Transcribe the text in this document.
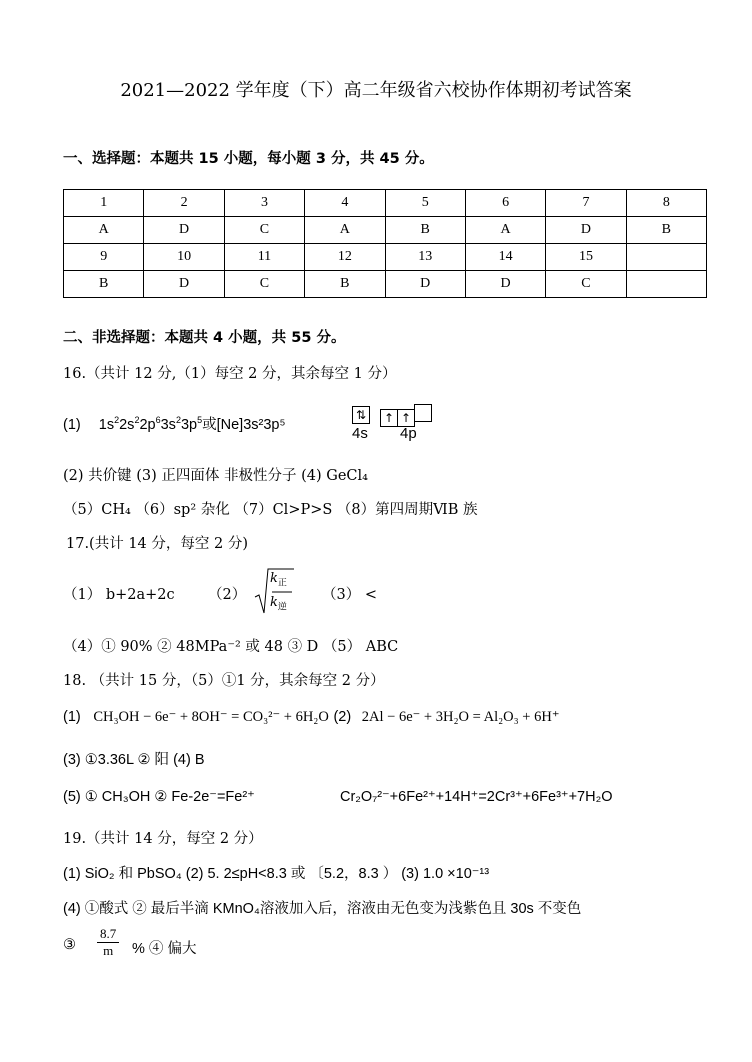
2021—2022 学年度（下）高二年级省六校协作体期初考试答案
一、选择题：本题共 15 小题，每小题 3 分，共 45 分。
1	2	3	4	5	6	7	8
A	D	C	A	B	A	D	B
9	10	11	12	13	14	15	
B	D	C	B	D	D	C	
二、非选择题：本题共 4 小题，共 55 分。
16.（共计 12 分,（1）每空 2 分，其余每空 1 分）
(1) $1s^22s^22p^63s^23p^5$或[Ne]3s²3p⁵
⇅	↑ ↑
4s 4p
(2) 共价键 (3) 正四面体 非极性分子 (4) GeCl₄
（5）CH₄ （6）sp² 杂化 （7）Cl>P>S （8）第四周期ⅥB 族
17.(共计 14 分，每空 2 分)
（1） b+2a+2c （2）
$k_正$
$k_逆$
（3） <
（4）① 90% ② 48MPa⁻² 或 48 ③ D （5） ABC
18. （共计 15 分，（5）①1 分，其余每空 2 分）
(1) CH₃OH − 6e⁻ + 8OH⁻ = CO₃²⁻ + 6H₂O (2) 2Al − 6e⁻ + 3H₂O = Al₂O₃ + 6H⁺
(3) ①3.36L ② 阳 (4) B
(5) ① CH₃OH ② Fe-2e⁻=Fe²⁺	Cr₂O₇²⁻+6Fe²⁺+14H⁺=2Cr³⁺+6Fe³⁺+7H₂O
19.（共计 14 分，每空 2 分）
(1) SiO₂ 和 PbSO₄ (2) 5. 2≤pH<8.3 或 〔5.2，8.3 ） (3) 1.0 ×10⁻¹³
(4) ①酸式 ② 最后半滴 KMnO₄溶液加入后，溶液由无色变为浅紫色且 30s 不变色
③ $\frac{8.7}{m}$ % ④ 偏大
